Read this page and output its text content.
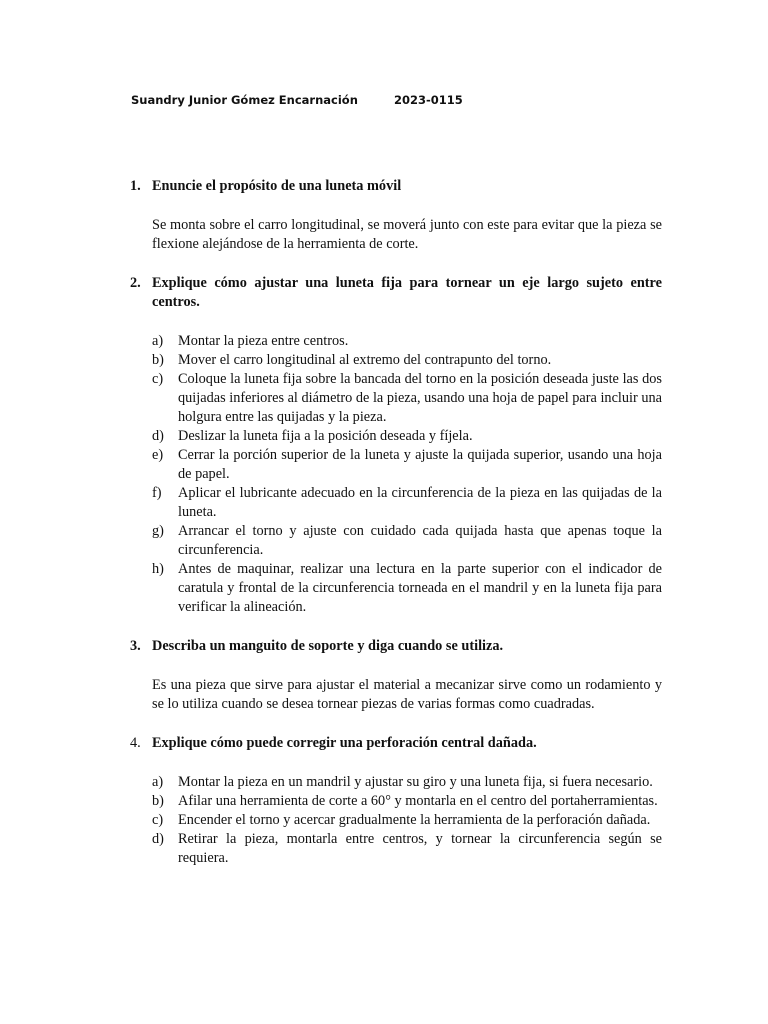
Suandry Junior Gómez Encarnación	2023-0115
1. Enuncie el propósito de una luneta móvil
Se monta sobre el carro longitudinal, se moverá junto con este para evitar que la pieza se flexione alejándose de la herramienta de corte.
2. Explique cómo ajustar una luneta fija para tornear un eje largo sujeto entre centros.
a)	Montar la pieza entre centros.
b) Mover el carro longitudinal al extremo del contrapunto del torno.
c)	Coloque la luneta fija sobre la bancada del torno en la posición deseada juste las dos quijadas inferiores al diámetro de la pieza, usando una hoja de papel para incluir una holgura entre las quijadas y la pieza.
d) Deslizar la luneta fija a la posición deseada y fíjela.
e)	Cerrar la porción superior de la luneta y ajuste la quijada superior, usando una hoja de papel.
f)	Aplicar el lubricante adecuado en la circunferencia de la pieza en las quijadas de la luneta.
g) Arrancar el torno y ajuste con cuidado cada quijada hasta que apenas toque la circunferencia.
h) Antes de maquinar, realizar una lectura en la parte superior con el indicador de caratula y frontal de la circunferencia torneada en el mandril y en la luneta fija para verificar la alineación.
3. Describa un manguito de soporte y diga cuando se utiliza.
Es una pieza que sirve para ajustar el material a mecanizar sirve como un rodamiento y se lo utiliza cuando se desea tornear piezas de varias formas como cuadradas.
4. Explique cómo puede corregir una perforación central dañada.
a)	Montar la pieza en un mandril y ajustar su giro y una luneta fija, si fuera necesario.
b) Afilar una herramienta de corte a 60° y montarla en el centro del portaherramientas.
c)	Encender el torno y acercar gradualmente la herramienta de la perforación dañada.
d) Retirar la pieza, montarla entre centros, y tornear la circunferencia según se requiera.
